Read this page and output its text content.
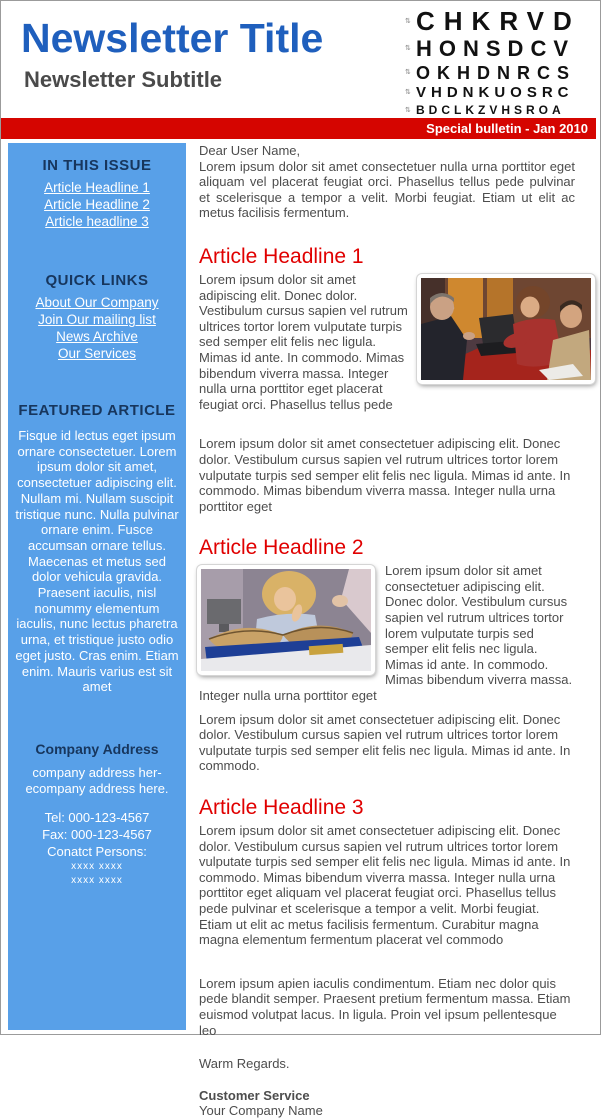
Newsletter Title
Newsletter Subtitle
⇅
CHKRVD
⇅
HONSDCV
⇅
OKHDNRCS
⇅ VHDNKUOSRC
⇅ BDCLKZVHSROA
Special bulletin - Jan 2010
IN THIS ISSUE
Article Headline 1
Article Headline 2
Article headline 3
QUICK LINKS
About Our Company
Join Our mailing list
News Archive
Our Services
FEATURED ARTICLE
Fisque id lectus eget ipsum ornare consectetuer. Lorem ipsum dolor sit amet, consectetuer adipiscing elit. Nullam mi. Nullam suscipit tristique nunc. Nulla pulvinar ornare enim. Fusce accumsan ornare tellus. Maecenas et metus sed dolor vehicula gravida. Praesent iaculis, nisl nonummy elementum iaculis, nunc lectus pharetra urna, et tristique justo odio eget justo. Cras enim. Etiam enim. Mauris varius est sit amet
Company Address
company address her-
ecompany address here.
Tel: 000-123-4567
Fax: 000-123-4567
Conatct Persons:
xxxx xxxx
xxxx xxxx

Dear User Name,

Lorem ipsum dolor sit amet consectetuer nulla urna porttitor eget aliquam vel placerat feugiat orci. Phasellus tellus pede pulvinar et scelerisque a tempor a velit. Morbi feugiat. Etiam ut elit ac metus facilisis fermentum.

Article Headline 1

Lorem ipsum dolor sit amet adipiscing elit. Donec dolor. Vestibulum cursus sapien vel rutrum ultrices tortor lorem vulputate turpis sed semper elit felis nec ligula. Mimas id ante. In commodo. Mimas bibendum viverra massa. Integer nulla urna porttitor eget placerat feugiat orci. Phasellus tellus pede

Lorem ipsum dolor sit amet consectetuer adipiscing elit. Donec dolor. Vestibulum cursus sapien vel rutrum ultrices tortor lorem vulputate turpis sed semper elit felis nec ligula. Mimas id ante. In commodo. Mimas bibendum viverra massa. Integer nulla urna porttitor eget

Article Headline 2

Lorem ipsum dolor sit amet consectetuer adipiscing elit. Donec dolor. Vestibulum cursus sapien vel rutrum ultrices tortor lorem vulputate turpis sed semper elit felis nec ligula. Mimas id ante. In commodo. Mimas bibendum viverra massa. Integer nulla urna porttitor eget

Lorem ipsum dolor sit amet consectetuer adipiscing elit. Donec dolor. Vestibulum cursus sapien vel rutrum ultrices tortor lorem vulputate turpis sed semper elit felis nec ligula. Mimas id ante. In commodo.

Article Headline 3

Lorem ipsum dolor sit amet consectetuer adipiscing elit. Donec dolor. Vestibulum cursus sapien vel rutrum ultrices tortor lorem vulputate turpis sed semper elit felis nec ligula. Mimas id ante. In commodo. Mimas bibendum viverra massa. Integer nulla urna porttitor eget aliquam vel placerat feugiat orci. Phasellus tellus pede pulvinar et scelerisque a tempor a velit. Morbi feugiat. Etiam ut elit ac metus facilisis fermentum. Curabitur magna magna elementum fermentum placerat vel commodo

Lorem ipsum apien iaculis condimentum. Etiam nec dolor quis pede blandit semper. Praesent pretium fermentum massa. Etiam euismod volutpat lacus. In ligula. Proin vel ipsum pellentesque leo

Warm Regards.

Customer Service
Your Company Name
